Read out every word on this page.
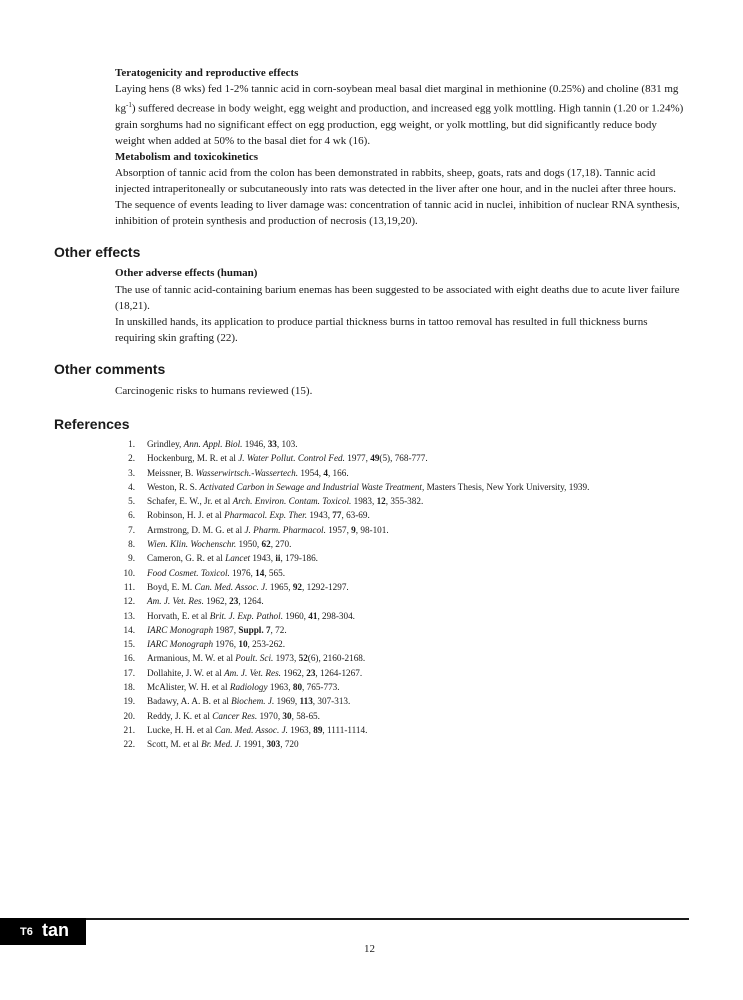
Teratogenicity and reproductive effects
Laying hens (8 wks) fed 1-2% tannic acid in corn-soybean meal basal diet marginal in methionine (0.25%) and choline (831 mg $kg^{-1}$) suffered decrease in body weight, egg weight and production, and increased egg yolk mottling. High tannin (1.20 or 1.24%) grain sorghums had no significant effect on egg production, egg weight, or yolk mottling, but did significantly reduce body weight when added at 50% to the basal diet for 4 wk (16).
Metabolism and toxicokinetics
Absorption of tannic acid from the colon has been demonstrated in rabbits, sheep, goats, rats and dogs (17,18). Tannic acid injected intraperitoneally or subcutaneously into rats was detected in the liver after one hour, and in the nuclei after three hours. The sequence of events leading to liver damage was: concentration of tannic acid in nuclei, inhibition of nuclear RNA synthesis, inhibition of protein synthesis and production of necrosis (13,19,20).
Other effects
Other adverse effects (human)
The use of tannic acid-containing barium enemas has been suggested to be associated with eight deaths due to acute liver failure (18,21).
In unskilled hands, its application to produce partial thickness burns in tattoo removal has resulted in full thickness burns requiring skin grafting (22).
Other comments
Carcinogenic risks to humans reviewed (15).
References
1. Grindley, Ann. Appl. Biol. 1946, 33, 103.
2. Hockenburg, M. R. et al J. Water Pollut. Control Fed. 1977, 49(5), 768-777.
3. Meissner, B. Wasserwirtsch.-Wassertech. 1954, 4, 166.
4. Weston, R. S. Activated Carbon in Sewage and Industrial Waste Treatment, Masters Thesis, New York University, 1939.
5. Schafer, E. W., Jr. et al Arch. Environ. Contam. Toxicol. 1983, 12, 355-382.
6. Robinson, H. J. et al Pharmacol. Exp. Ther. 1943, 77, 63-69.
7. Armstrong, D. M. G. et al J. Pharm. Pharmacol. 1957, 9, 98-101.
8. Wien. Klin. Wochenschr. 1950, 62, 270.
9. Cameron, G. R. et al Lancet 1943, ii, 179-186.
10. Food Cosmet. Toxicol. 1976, 14, 565.
11. Boyd, E. M. Can. Med. Assoc. J. 1965, 92, 1292-1297.
12. Am. J. Vet. Res. 1962, 23, 1264.
13. Horvath, E. et al Brit. J. Exp. Pathol. 1960, 41, 298-304.
14. IARC Monograph 1987, Suppl. 7, 72.
15. IARC Monograph 1976, 10, 253-262.
16. Armanious, M. W. et al Poult. Sci. 1973, 52(6), 2160-2168.
17. Dollahite, J. W. et al Am. J. Vet. Res. 1962, 23, 1264-1267.
18. McAlister, W. H. et al Radiology 1963, 80, 765-773.
19. Badawy, A. A. B. et al Biochem. J. 1969, 113, 307-313.
20. Reddy, J. K. et al Cancer Res. 1970, 30, 58-65.
21. Lucke, H. H. et al Can. Med. Assoc. J. 1963, 89, 1111-1114.
22. Scott, M. et al Br. Med. J. 1991, 303, 720
T6 tan
12
